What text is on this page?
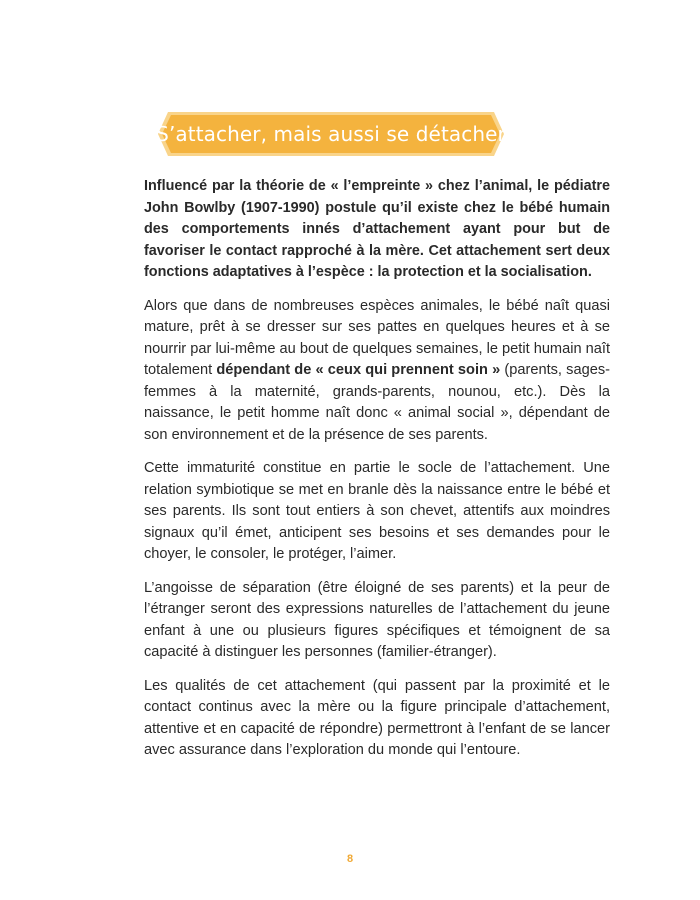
S’attacher, mais aussi se détacher

Influencé par la théorie de « l’empreinte » chez l’animal, le pédiatre John Bowlby (1907-1990) postule qu’il existe chez le bébé humain des comportements innés d’attachement ayant pour but de favoriser le contact rapproché à la mère. Cet attachement sert deux fonctions adaptatives à l’espèce : la protection et la socialisation.

Alors que dans de nombreuses espèces animales, le bébé naît quasi mature, prêt à se dresser sur ses pattes en quelques heures et à se nourrir par lui-même au bout de quelques semaines, le petit humain naît totalement dépendant de « ceux qui prennent soin » (parents, sages-femmes à la maternité, grands-parents, nounou, etc.). Dès la naissance, le petit homme naît donc « animal social », dépendant de son environnement et de la présence de ses parents.

Cette immaturité constitue en partie le socle de l’attachement. Une relation symbiotique se met en branle dès la naissance entre le bébé et ses parents. Ils sont tout entiers à son chevet, attentifs aux moindres signaux qu’il émet, anticipent ses besoins et ses demandes pour le choyer, le consoler, le protéger, l’aimer.

L’angoisse de séparation (être éloigné de ses parents) et la peur de l’étranger seront des expressions naturelles de l’attachement du jeune enfant à une ou plusieurs figures spécifiques et témoignent de sa capacité à distinguer les personnes (familier-étranger).

Les qualités de cet attachement (qui passent par la proximité et le contact continus avec la mère ou la figure principale d’attachement, attentive et en capacité de répondre) permettront à l’enfant de se lancer avec assurance dans l’exploration du monde qui l’entoure.

8
